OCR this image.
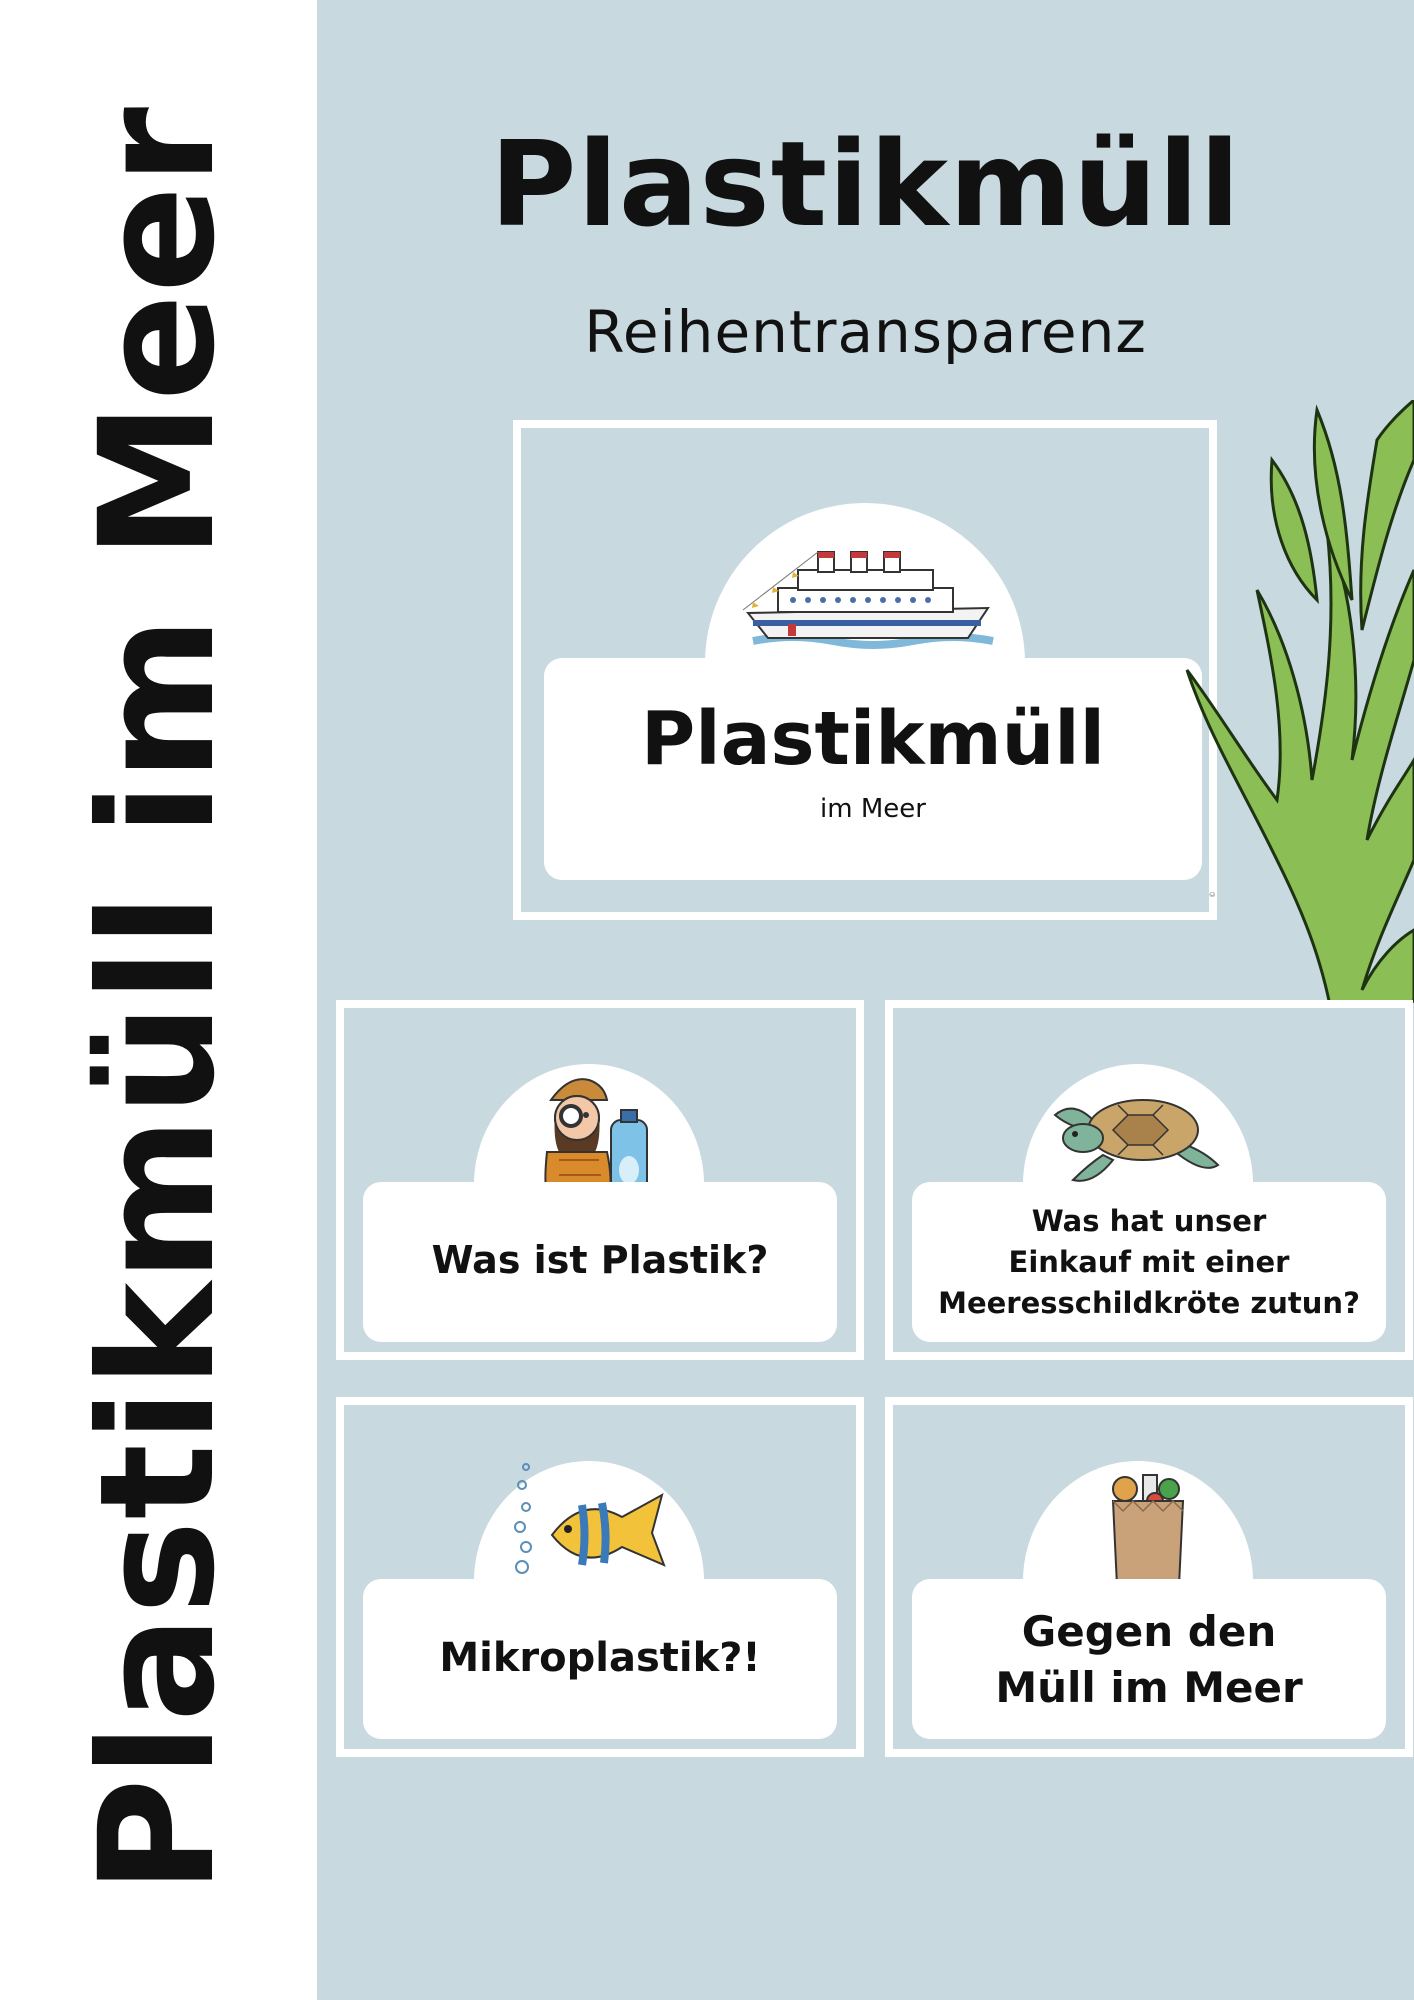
Plastikmüll im Meer	Plastikmüll
Reihentransparenz
Plastikmüll
im Meer
©
Was ist Plastik?
Was hat unser
Einkauf mit einer
Meeresschildkröte zutun?
Mikroplastik?!
Gegen den
Müll im Meer
